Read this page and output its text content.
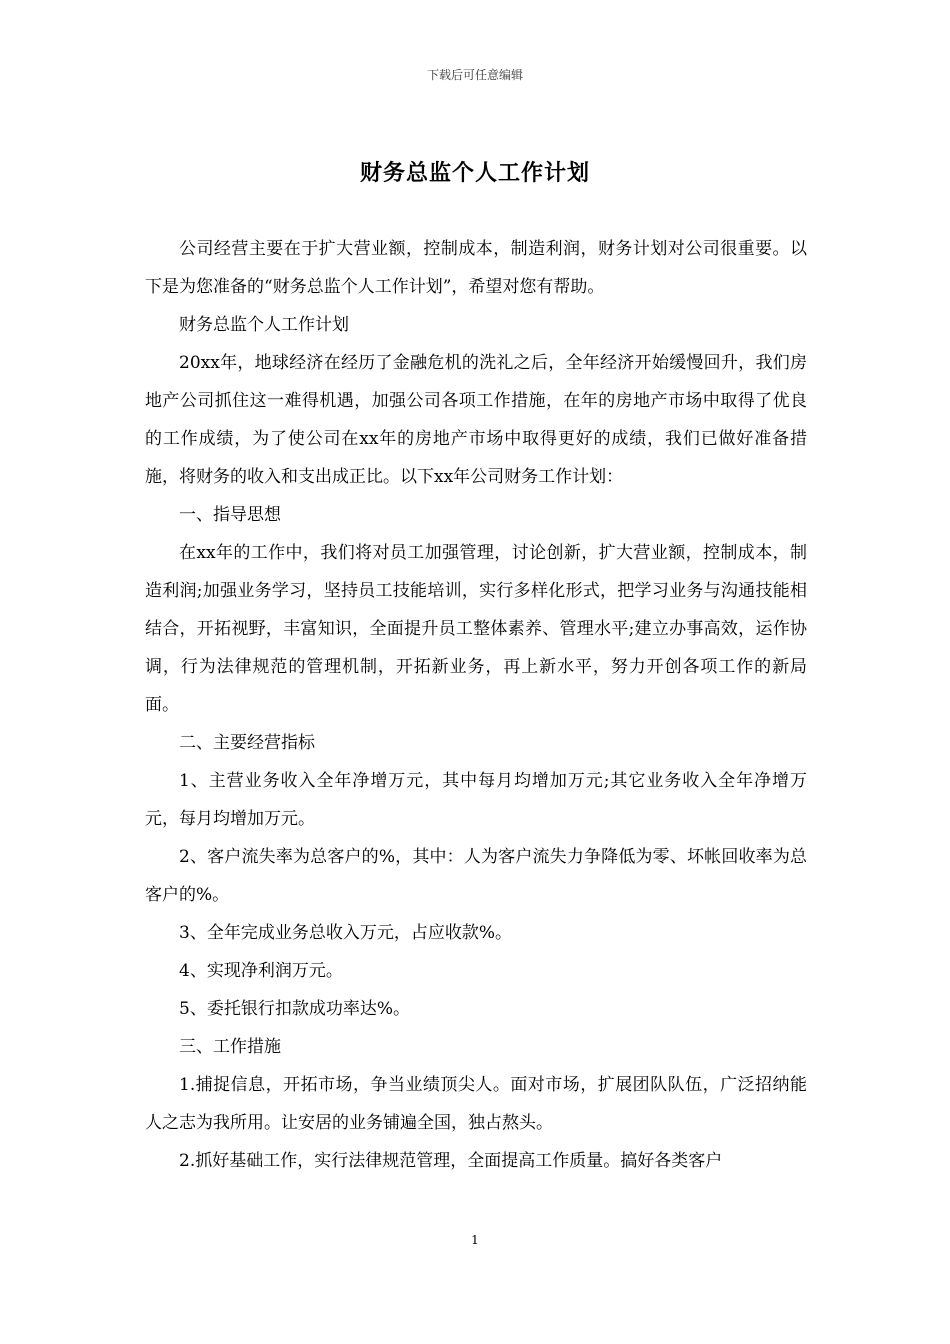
下载后可任意编辑
财务总监个人工作计划

公司经营主要在于扩大营业额，控制成本，制造利润，财务计划对公司很重要。以下是为您准备的“财务总监个人工作计划”，希望对您有帮助。

财务总监个人工作计划

20xx年，地球经济在经历了金融危机的洗礼之后，全年经济开始缓慢回升，我们房地产公司抓住这一难得机遇，加强公司各项工作措施，在年的房地产市场中取得了优良的工作成绩，为了使公司在xx年的房地产市场中取得更好的成绩，我们已做好准备措施，将财务的收入和支出成正比。以下xx年公司财务工作计划：

一、指导思想

在xx年的工作中，我们将对员工加强管理，讨论创新，扩大营业额，控制成本，制造利润;加强业务学习，坚持员工技能培训，实行多样化形式，把学习业务与沟通技能相结合，开拓视野，丰富知识，全面提升员工整体素养、管理水平;建立办事高效，运作协调，行为法律规范的管理机制，开拓新业务，再上新水平，努力开创各项工作的新局面。

二、主要经营指标

1、主营业务收入全年净增万元，其中每月均增加万元;其它业务收入全年净增万元，每月均增加万元。

2、客户流失率为总客户的%，其中：人为客户流失力争降低为零、坏帐回收率为总客户的%。

3、全年完成业务总收入万元，占应收款%。

4、实现净利润万元。

5、委托银行扣款成功率达%。

三、工作措施

1.捕捉信息，开拓市场，争当业绩顶尖人。面对市场，扩展团队队伍，广泛招纳能人之志为我所用。让安居的业务铺遍全国，独占熬头。

2.抓好基础工作，实行法律规范管理，全面提高工作质量。搞好各类客户

1
